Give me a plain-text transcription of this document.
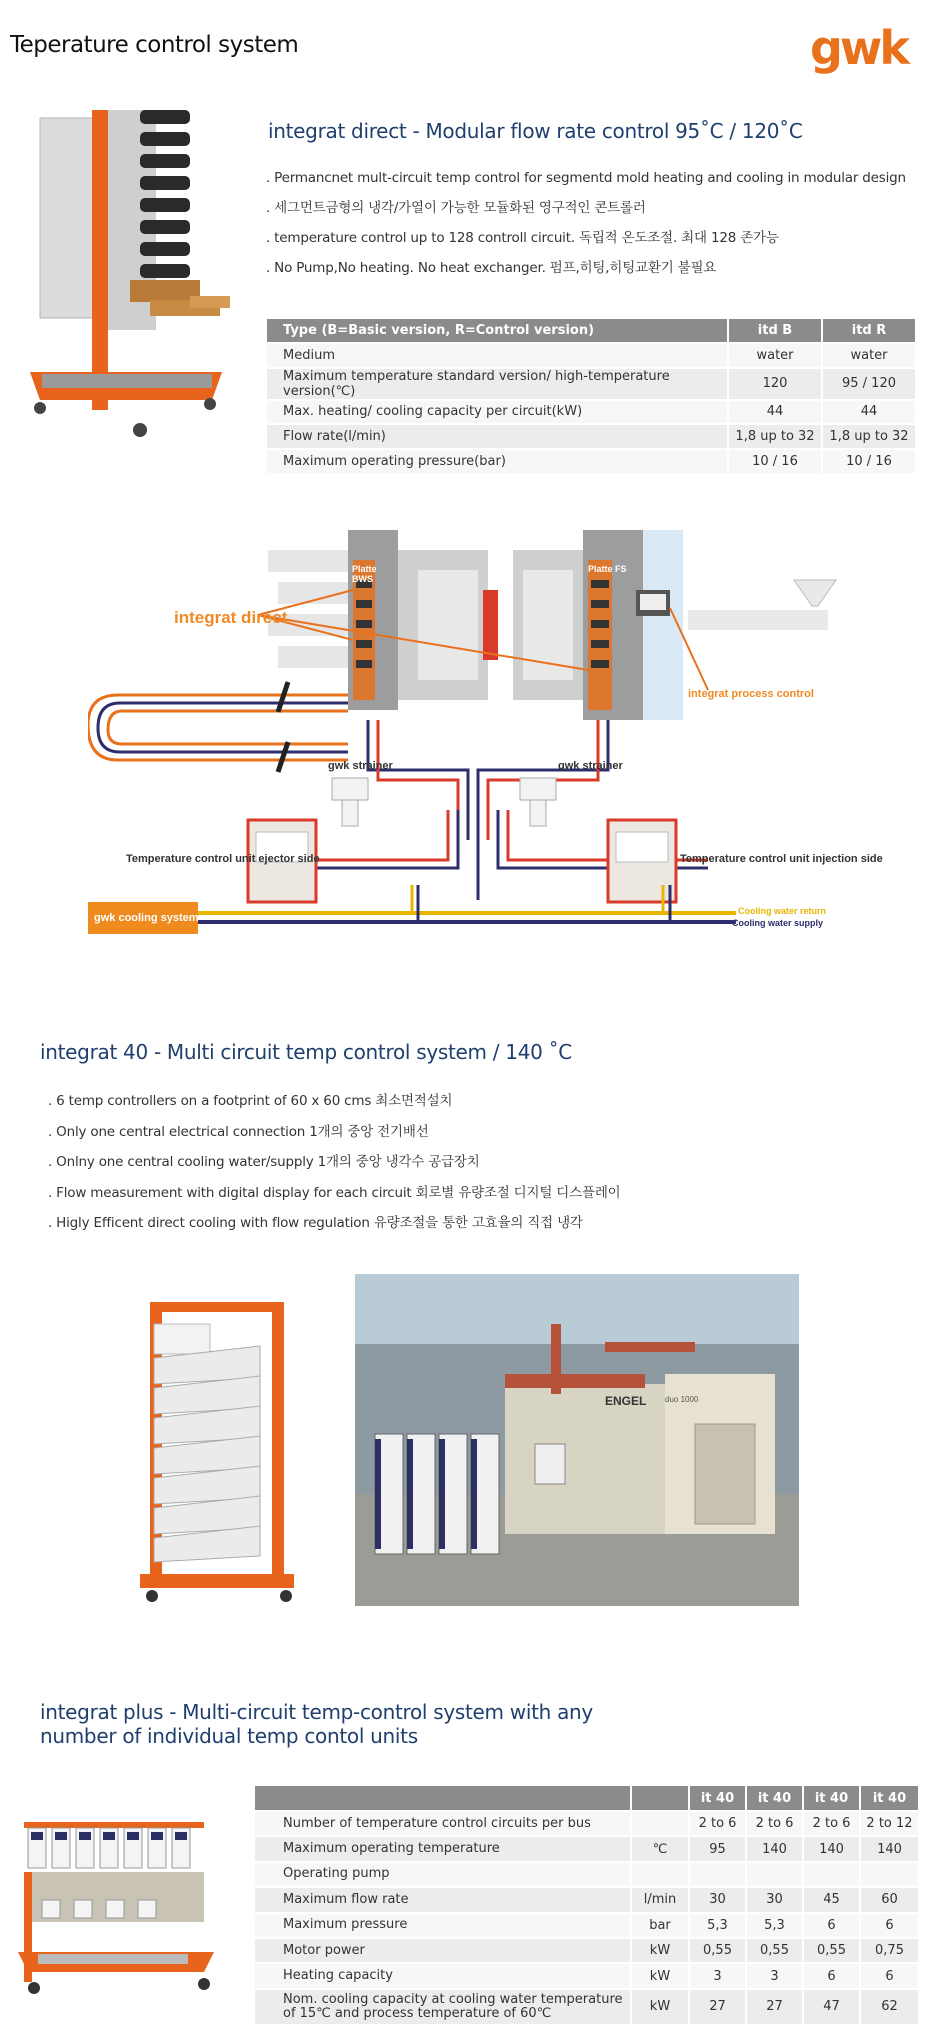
Teperature control system	gwk
integrat direct - Modular flow rate control 95˚C / 120˚C
. Permancnet mult-circuit temp control for segmentd mold heating and cooling in modular design
. 세그먼트금형의 냉각/가열이 가능한 모듈화된 영구적인 콘트롤러
. temperature control up to 128 controll circuit. 독립적 온도조절. 최대 128 존가능
. No Pump,No heating. No heat exchanger. 펌프,히팅,히팅교환기 불필요
Type (B=Basic version, R=Control version)	itd B	itd R
Medium	water	water
Maximum temperature standard version/ high-temperature version(℃)	120	95 / 120
Max. heating/ cooling capacity per circuit(kW)	44	44
Flow rate(l/min)	1,8 up to 32	1,8 up to 32
Maximum operating pressure(bar)	10 / 16	10 / 16
integrat direct
Platte BWS
Platte FS
integrat process control
gwk strainer	gwk strainer
Temperature control unit ejector side	Temperature control unit injection side
gwk cooling system
Cooling water return
Cooling water supply
integrat 40 - Multi circuit temp control system / 140 ˚C
. 6 temp controllers on a footprint of 60 x 60 cms 최소면적설치
. Only one central electrical connection 1개의 중앙 전기배선
. Onlny one central cooling water/supply 1개의 중앙 냉각수 공급장치
. Flow measurement with digital display for each circuit 회로별 유량조절 디지털 디스플레이
. Higly Efficent direct cooling with flow regulation 유량조절을 통한 고효율의 직접 냉각
ENGEL duo 1000
integrat plus - Multi-circuit temp-control system with any
number of individual temp contol units
		it 40	it 40	it 40	it 40
Number of temperature control circuits per bus		2 to 6	2 to 6	2 to 6	2 to 12
Maximum operating temperature	℃	95	140	140	140
Operating pump					
Maximum flow rate	l/min	30	30	45	60
Maximum pressure	bar	5,3	5,3	6	6
Motor power	kW	0,55	0,55	0,55	0,75
Heating capacity	kW	3	3	6	6

Nom. cooling capacity at cooling water temperature
of 15℃ and process temperature of 60℃	kW	27	27	47	62
